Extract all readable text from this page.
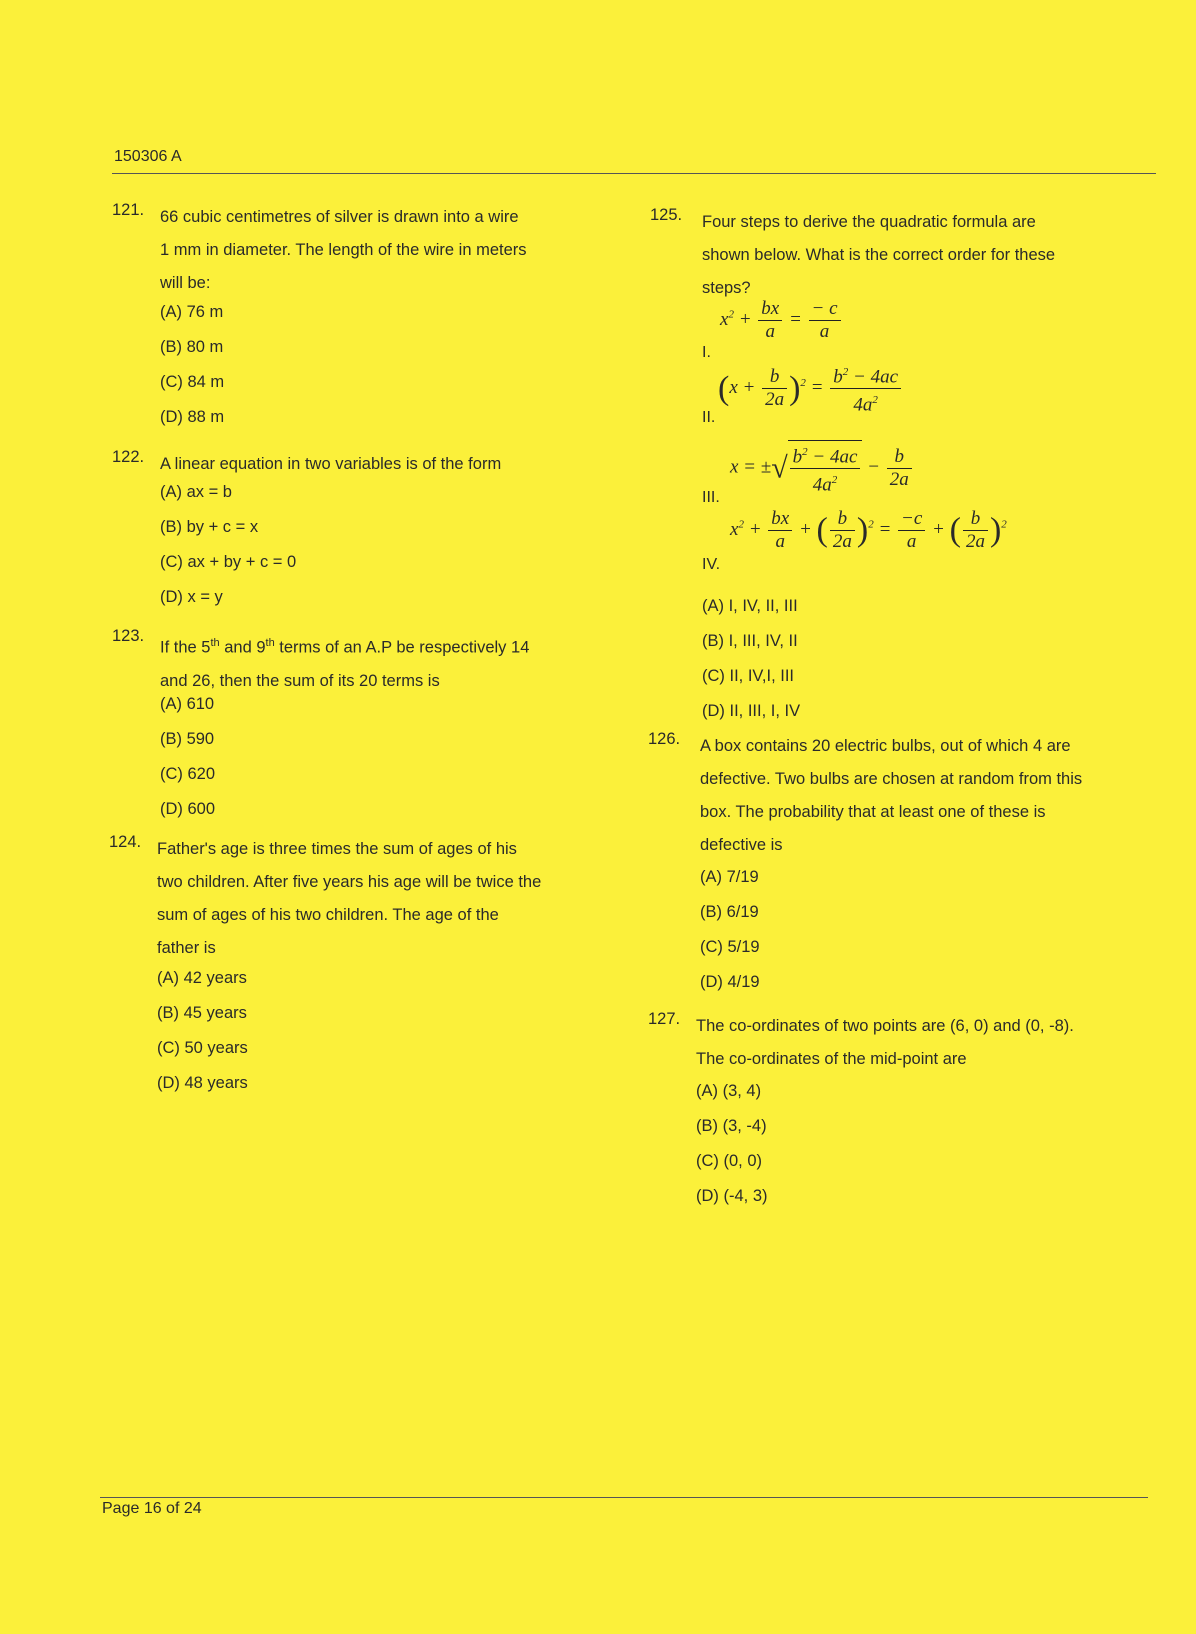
150306 A
121. 66 cubic centimetres of silver is drawn into a wire
1 mm in diameter. The length of the wire in meters
will be:
(A) 76 m
(B) 80 m
(C) 84 m
(D) 88 m
122. A linear equation in two variables is of the form
(A) ax = b
(B) by + c = x
(C) ax + by + c = 0
(D) x = y
123.
If the 5th and 9th terms of an A.P be respectively 14
and 26, then the sum of its 20 terms is
(A) 610
(B) 590
(C) 620
(D) 600
124. Father's age is three times the sum of ages of his
two children. After five years his age will be twice the
sum of ages of his two children. The age of the
father is
(A) 42 years
(B) 45 years
(C) 50 years
(D) 48 years
125. Four steps to derive the quadratic formula are
shown below. What is the correct order for these
steps?
I.
$x^2 + \frac{bx}{a} = \frac{- c}{a}$
II.
$(x + \frac{b}{2a} )^2 = \frac{b^2 - 4ac}{4a^2}$
III.
x = ±√ $\frac{b^2 - 4ac}{4a^2} - \frac{b}{2a}$
IV.
$x^2 + \frac{bx}{a}$ + ( $\frac{b}{2a} )^2 = \frac{-c}{a}$ + ( $\frac{b}{2a} )^2$
(A) I, IV, II, III
(B) I, III, IV, II
(C) II, IV,I, III
(D) II, III, I, IV
126. A box contains 20 electric bulbs, out of which 4 are
defective. Two bulbs are chosen at random from this
box. The probability that at least one of these is
defective is
(A) 7/19
(B) 6/19
(C) 5/19
(D) 4/19
127. The co-ordinates of two points are (6, 0) and (0, -8).
The co-ordinates of the mid-point are
(A) (3, 4)
(B) (3, -4)
(C) (0, 0)
(D) (-4, 3)
Page 16 of 24
